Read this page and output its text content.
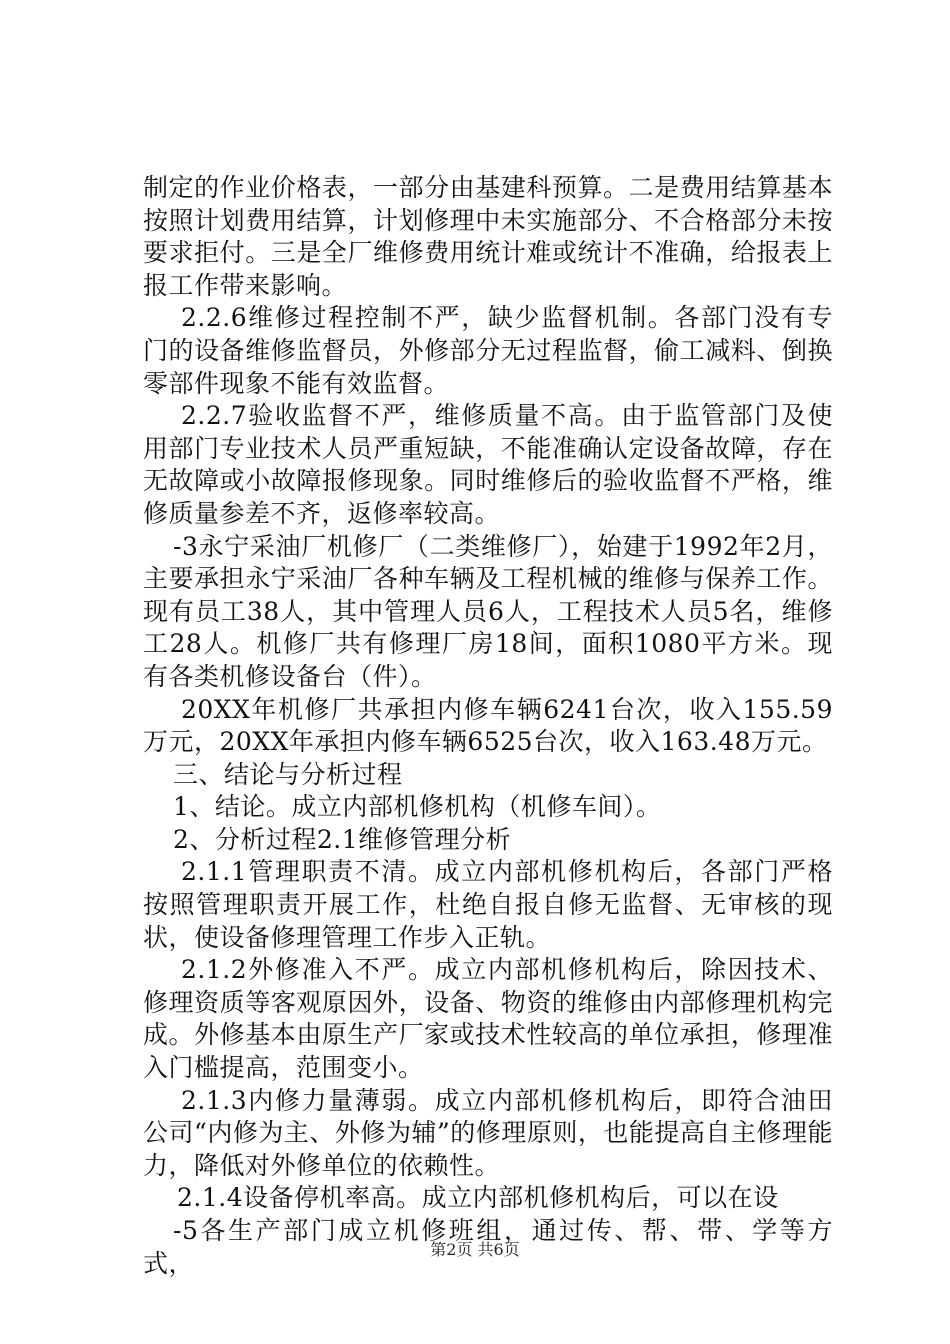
制定的作业价格表，一部分由基建科预算。二是费用结算基本按照计划费用结算，计划修理中未实施部分、不合格部分未按要求拒付。三是全厂维修费用统计难或统计不准确，给报表上报工作带来影响。

2.2.6维修过程控制不严，缺少监督机制。各部门没有专门的设备维修监督员，外修部分无过程监督，偷工减料、倒换零部件现象不能有效监督。

2.2.7验收监督不严，维修质量不高。由于监管部门及使用部门专业技术人员严重短缺，不能准确认定设备故障，存在无故障或小故障报修现象。同时维修后的验收监督不严格，维修质量参差不齐，返修率较高。

-3永宁采油厂机修厂（二类维修厂），始建于1992年2月，主要承担永宁采油厂各种车辆及工程机械的维修与保养工作。现有员工38人，其中管理人员6人，工程技术人员5名，维修工28人。机修厂共有修理厂房18间，面积1080平方米。现有各类机修设备台（件）。

20XX年机修厂共承担内修车辆6241台次，收入155.59万元，20XX年承担内修车辆6525台次，收入163.48万元。

三、结论与分析过程

1、结论。成立内部机修机构（机修车间）。

2、分析过程2.1维修管理分析

2.1.1管理职责不清。成立内部机修机构后，各部门严格按照管理职责开展工作，杜绝自报自修无监督、无审核的现状，使设备修理管理工作步入正轨。

2.1.2外修准入不严。成立内部机修机构后，除因技术、修理资质等客观原因外，设备、物资的维修由内部修理机构完成。外修基本由原生产厂家或技术性较高的单位承担，修理准入门槛提高，范围变小。

2.1.3内修力量薄弱。成立内部机修机构后，即符合油田公司“内修为主、外修为辅”的修理原则，也能提高自主修理能力，降低对外修单位的依赖性。

2.1.4设备停机率高。成立内部机修机构后，可以在设

-5各生产部门成立机修班组，通过传、帮、带、学等方式，	第2页 共6页
